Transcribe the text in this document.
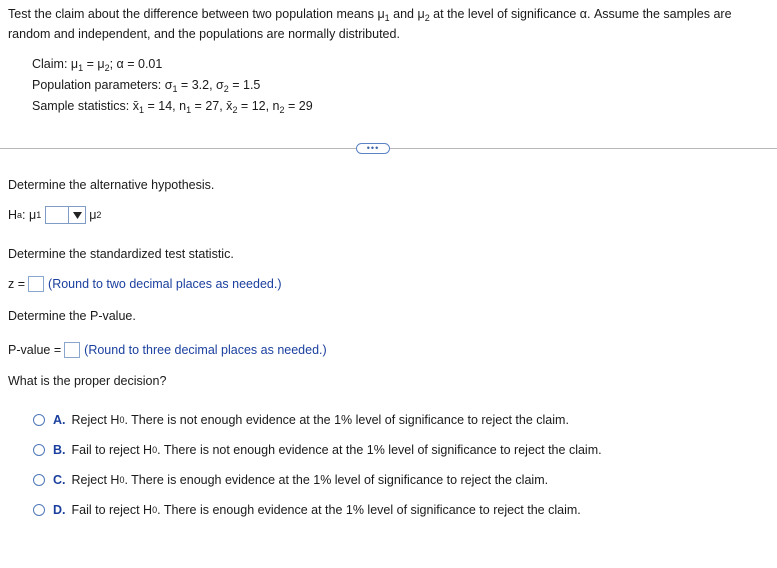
Test the claim about the difference between two population means $\mu_1$ and $\mu_2$ at the level of significance α. Assume the samples are
random and independent, and the populations are normally distributed.
Claim: $\mu_1 = \mu_2$; α = 0.01
Population parameters: $\sigma_1 = 3.2$, $\sigma_2 = 1.5$
Sample statistics: $x̄_1 = 14$, $n_1 = 27$, $x̄_2 = 12$, $n_2 = 29$
•••
Determine the alternative hypothesis.
H a : μ 1	μ 2
Determine the standardized test statistic.
z = (Round to two decimal places as needed.)
Determine the P-value.
P-value = (Round to three decimal places as needed.)
What is the proper decision?
A. Reject H 0 . There is not enough evidence at the 1% level of significance to reject the claim.
B. Fail to reject H 0 . There is not enough evidence at the 1% level of significance to reject the claim.
C. Reject H 0 . There is enough evidence at the 1% level of significance to reject the claim.
D. Fail to reject H 0 . There is enough evidence at the 1% level of significance to reject the claim.
